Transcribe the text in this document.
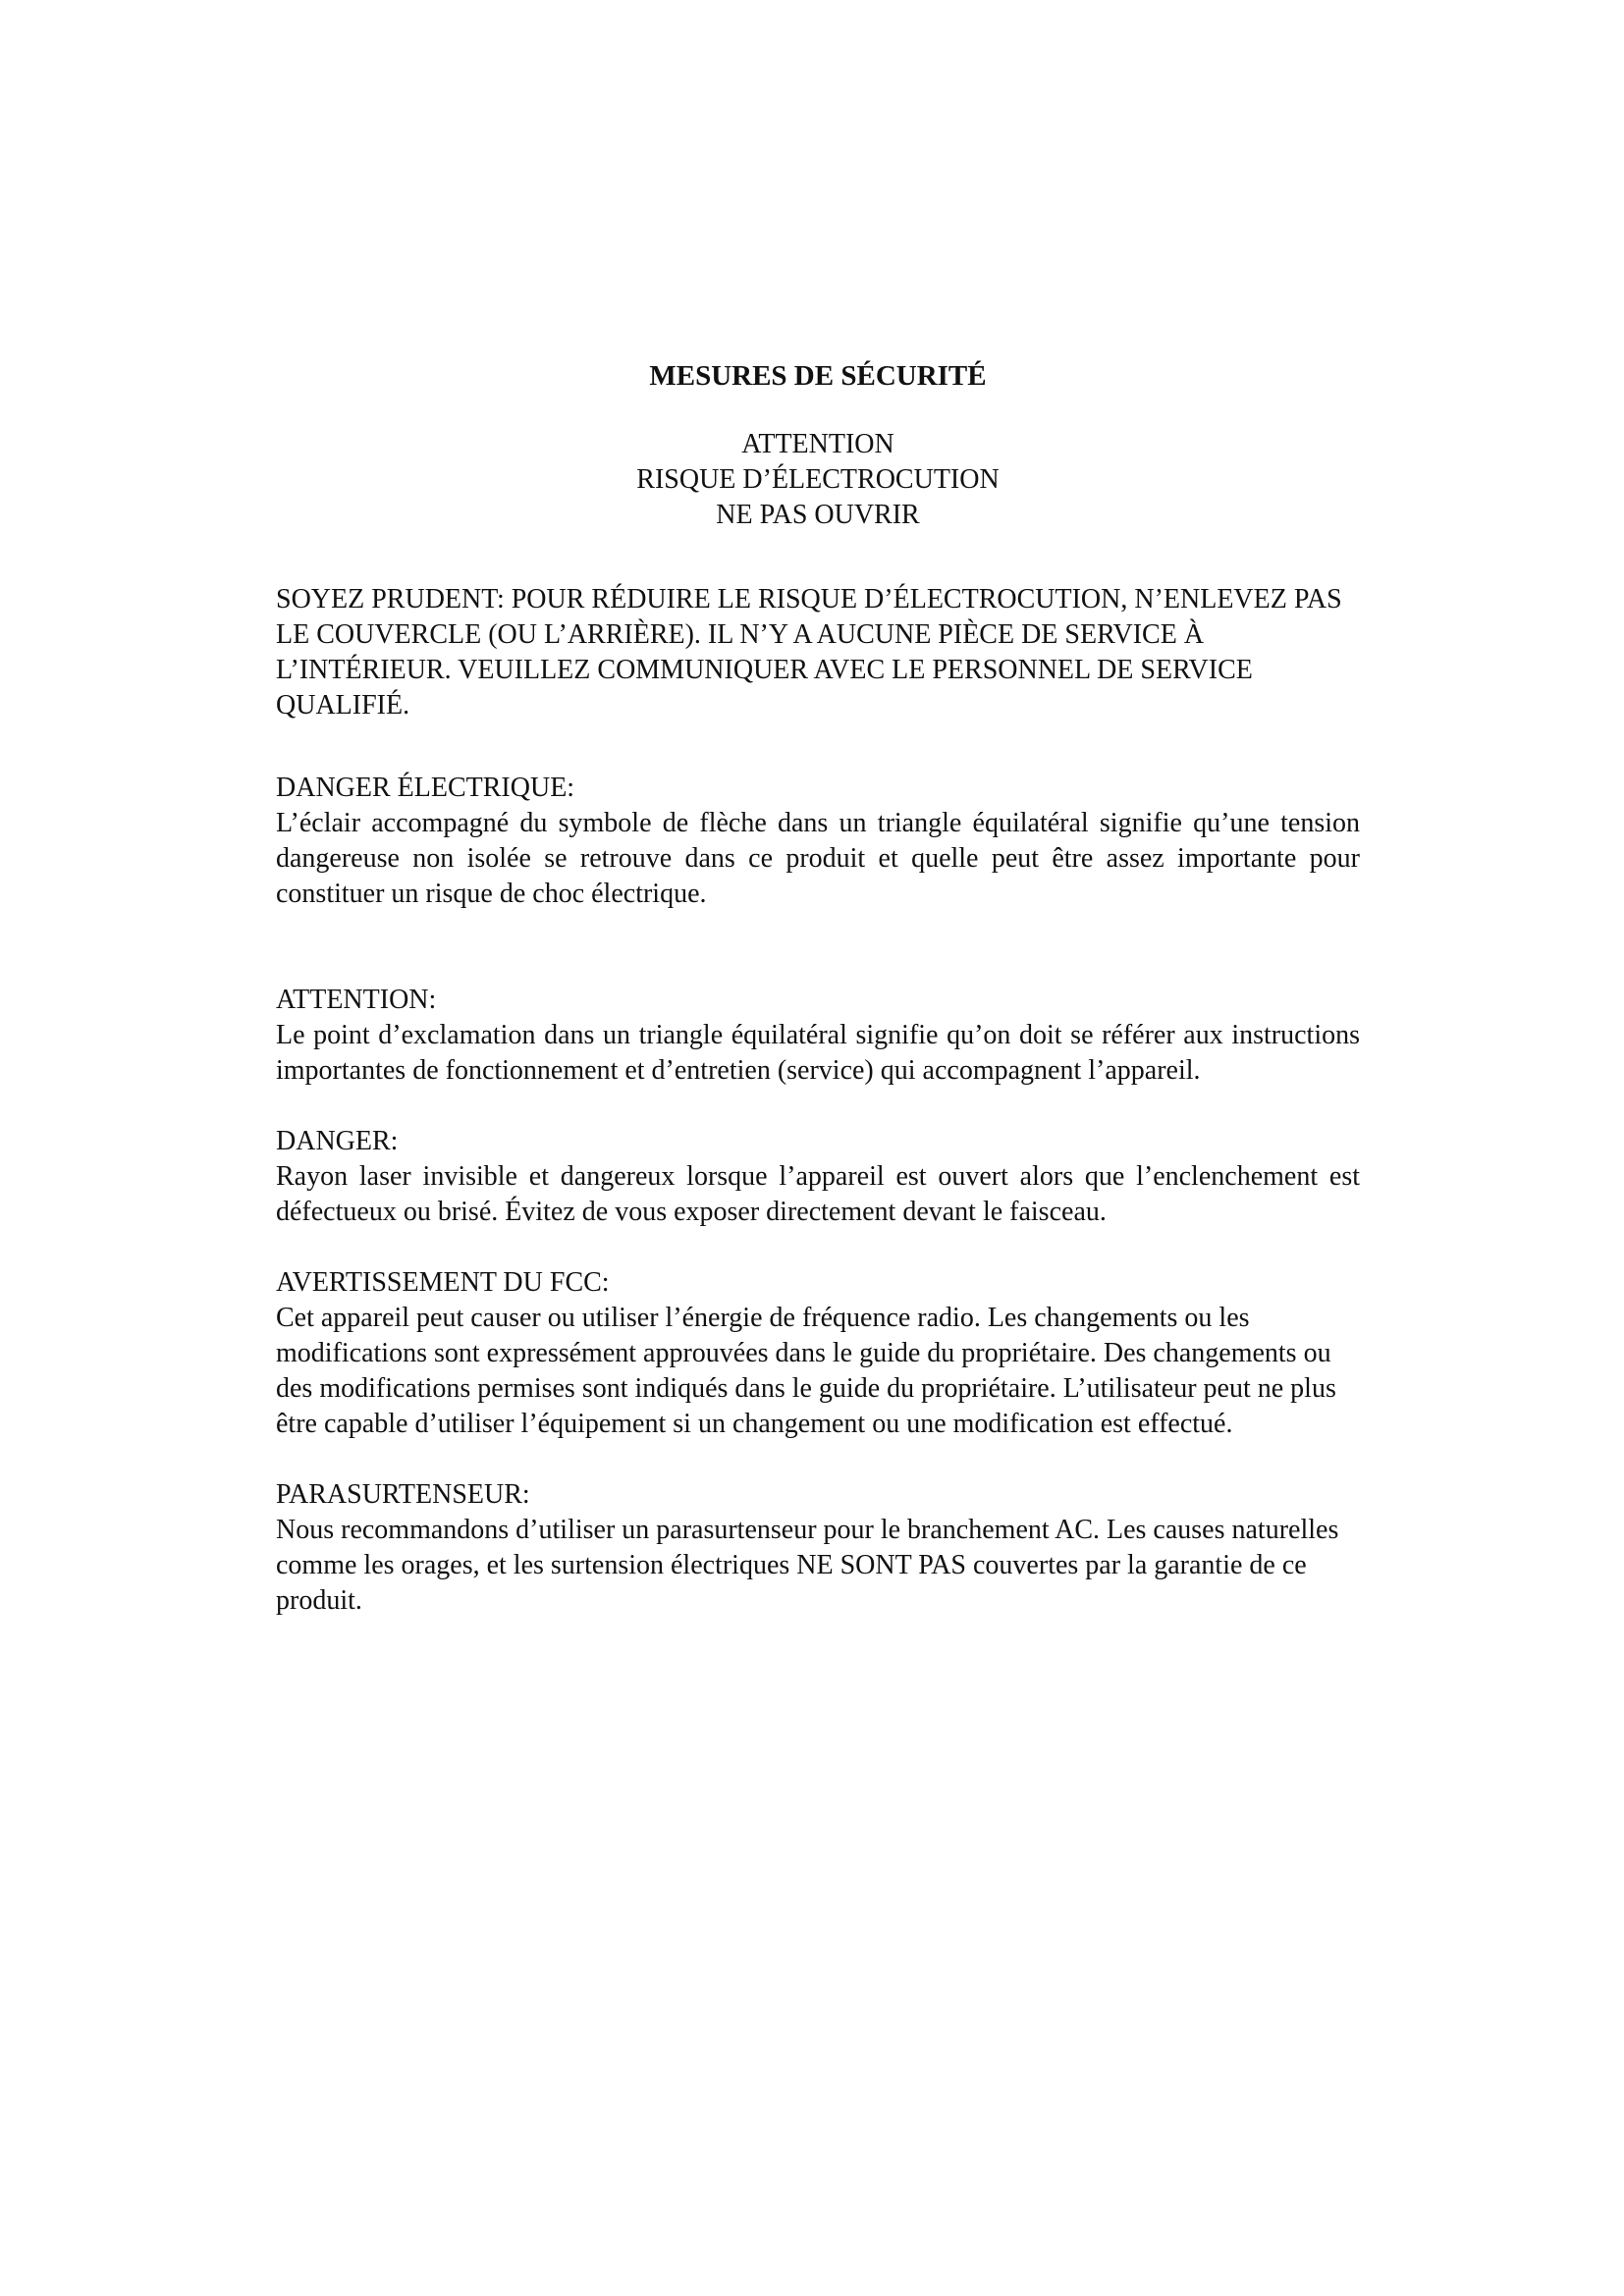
MESURES DE SÉCURITÉ
ATTENTION
RISQUE D’ÉLECTROCUTION
NE PAS OUVRIR
SOYEZ PRUDENT: POUR RÉDUIRE LE RISQUE D’ÉLECTROCUTION, N’ENLEVEZ PAS LE COUVERCLE (OU L’ARRIÈRE). IL N’Y A AUCUNE PIÈCE DE SERVICE À L’INTÉRIEUR. VEUILLEZ COMMUNIQUER AVEC LE PERSONNEL DE SERVICE QUALIFIÉ.
DANGER ÉLECTRIQUE:
L’éclair accompagné du symbole de flèche dans un triangle équilatéral signifie qu’une tension dangereuse non isolée se retrouve dans ce produit et quelle peut être assez importante pour constituer un risque de choc électrique.
ATTENTION:
Le point d’exclamation dans un triangle équilatéral signifie qu’on doit se référer aux instructions importantes de fonctionnement et d’entretien (service) qui accompagnent l’appareil.
DANGER:
Rayon laser invisible et dangereux lorsque l’appareil est ouvert alors que l’enclenchement est défectueux ou brisé. Évitez de vous exposer directement devant le faisceau.
AVERTISSEMENT DU FCC:
Cet appareil peut causer ou utiliser l’énergie de fréquence radio. Les changements ou les modifications sont expressément approuvées dans le guide du propriétaire. Des changements ou des modifications permises sont indiqués dans le guide du propriétaire. L’utilisateur peut ne plus être capable d’utiliser l’équipement si un changement ou une modification est effectué.
PARASURTENSEUR:
Nous recommandons d’utiliser un parasurtenseur pour le branchement AC. Les causes naturelles comme les orages, et les surtension électriques NE SONT PAS couvertes par la garantie de ce produit.
